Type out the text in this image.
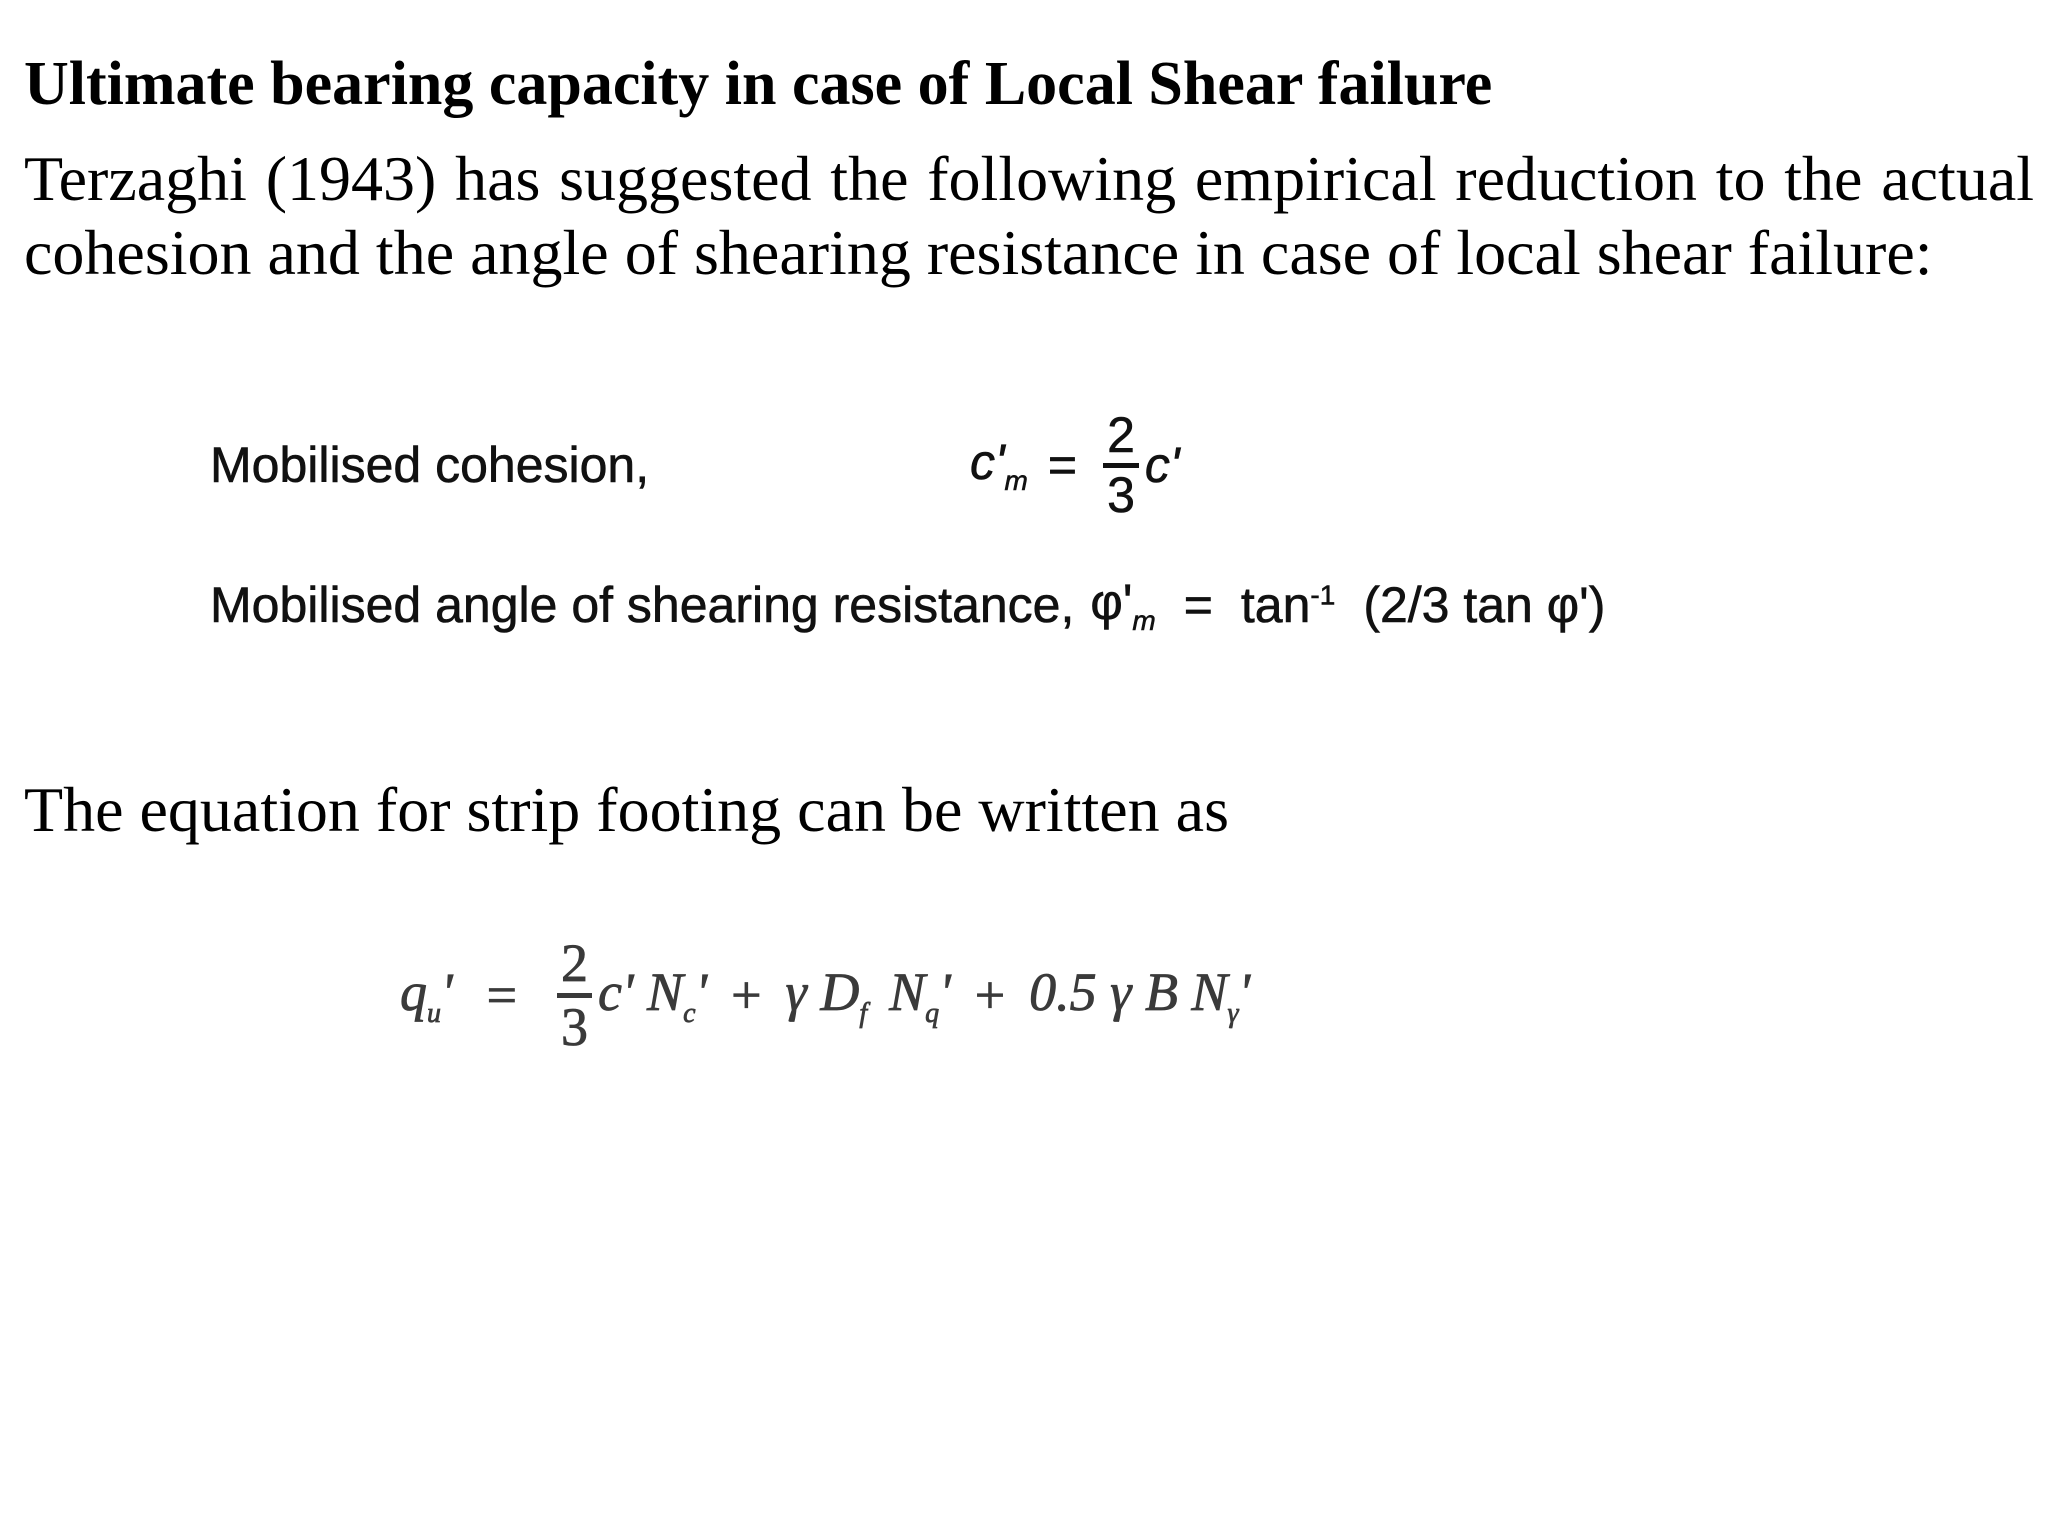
Ultimate bearing capacity in case of Local Shear failure
Terzaghi (1943) has suggested the following empirical reduction to the actual cohesion and the angle of shearing resistance in case of local shear failure:
Mobilised cohesion,	$c'_m = \frac{2}{3} c'$
Mobilised angle of shearing resistance, $\varphi'_m = \tan^{-1} (2/3$ tan φ')
The equation for strip footing can be written as
$q_u' = \frac{2}{3} c'$ $N_c' + \gamma$ $D_f$ $N_q' + 0.5$ γ B $N_\gamma'$
